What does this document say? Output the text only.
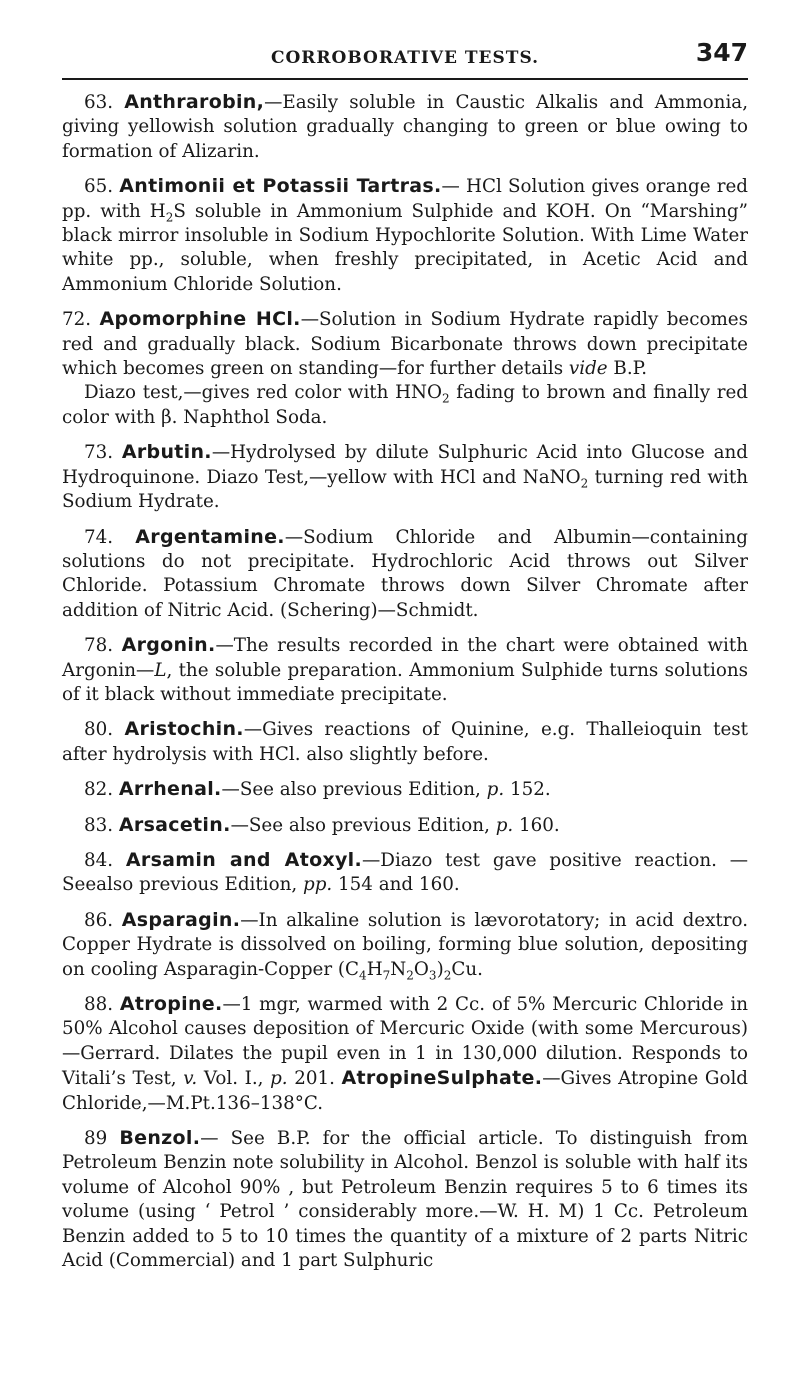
CORROBORATIVE TESTS.	347

63. Anthrarobin,—Easily soluble in Caustic Alkalis and Ammonia, giving yellowish solution gradually changing to green or blue owing to formation of Alizarin.

65. Antimonii et Potassii Tartras.— HCl Solution gives orange red pp. with $H_2S$ soluble in Ammonium Sulphide and KOH. On “Marshing” black mirror insoluble in Sodium Hypochlorite Solution. With Lime Water white pp., soluble, when freshly precipitated, in Acetic Acid and Ammonium Chloride Solution.

72. Apomorphine HCl.—Solution in Sodium Hydrate rapidly becomes red and gradually black. Sodium Bicarbonate throws down precipitate which becomes green on standing—for further details vide B.P.

Diazo test,—gives red color with $HNO_2$ fading to brown and finally red color with β. Naphthol Soda.

73. Arbutin.—Hydrolysed by dilute Sulphuric Acid into Glucose and Hydroquinone. Diazo Test,—yellow with HCl and NaNO$_2$ turning red with Sodium Hydrate.

74. Argentamine.—Sodium Chloride and Albumin—containing solutions do not precipitate. Hydrochloric Acid throws out Silver Chloride. Potassium Chromate throws down Silver Chromate after addition of Nitric Acid. (Schering)—Schmidt.

78. Argonin.—The results recorded in the chart were obtained with Argonin—L, the soluble preparation. Ammonium Sulphide turns solutions of it black without immediate precipitate.

80. Aristochin.—Gives reactions of Quinine, e.g. Thalleioquin test after hydrolysis with HCl. also slightly before.

82. Arrhenal.—See also previous Edition, p. 152.

83. Arsacetin.—See also previous Edition, p. 160.

84. Arsamin and Atoxyl.—Diazo test gave positive reaction. —Seealso previous Edition, pp. 154 and 160.

86. Asparagin.—In alkaline solution is lævorotatory; in acid dextro. Copper Hydrate is dissolved on boiling, forming blue solution, depositing on cooling Asparagin-Copper $(C_4H_7N_2O_3)_2Cu$.

88. Atropine.—1 mgr, warmed with 2 Cc. of 5% Mercuric Chloride in 50% Alcohol causes deposition of Mercuric Oxide (with some Mercurous)—Gerrard. Dilates the pupil even in 1 in 130,000 dilution. Responds to Vitali’s Test, v. Vol. I., p. 201. AtropineSulphate.—Gives Atropine Gold Chloride,—M.Pt.136–138°C.

89 Benzol.— See B.P. for the official article. To distinguish from Petroleum Benzin note solubility in Alcohol. Benzol is soluble with half its volume of Alcohol 90% , but Petroleum Benzin requires 5 to 6 times its volume (using ‘ Petrol ’ considerably more.—W. H. M) 1 Cc. Petroleum Benzin added to 5 to 10 times the quantity of a mixture of 2 parts Nitric Acid (Commercial) and 1 part Sulphuric
